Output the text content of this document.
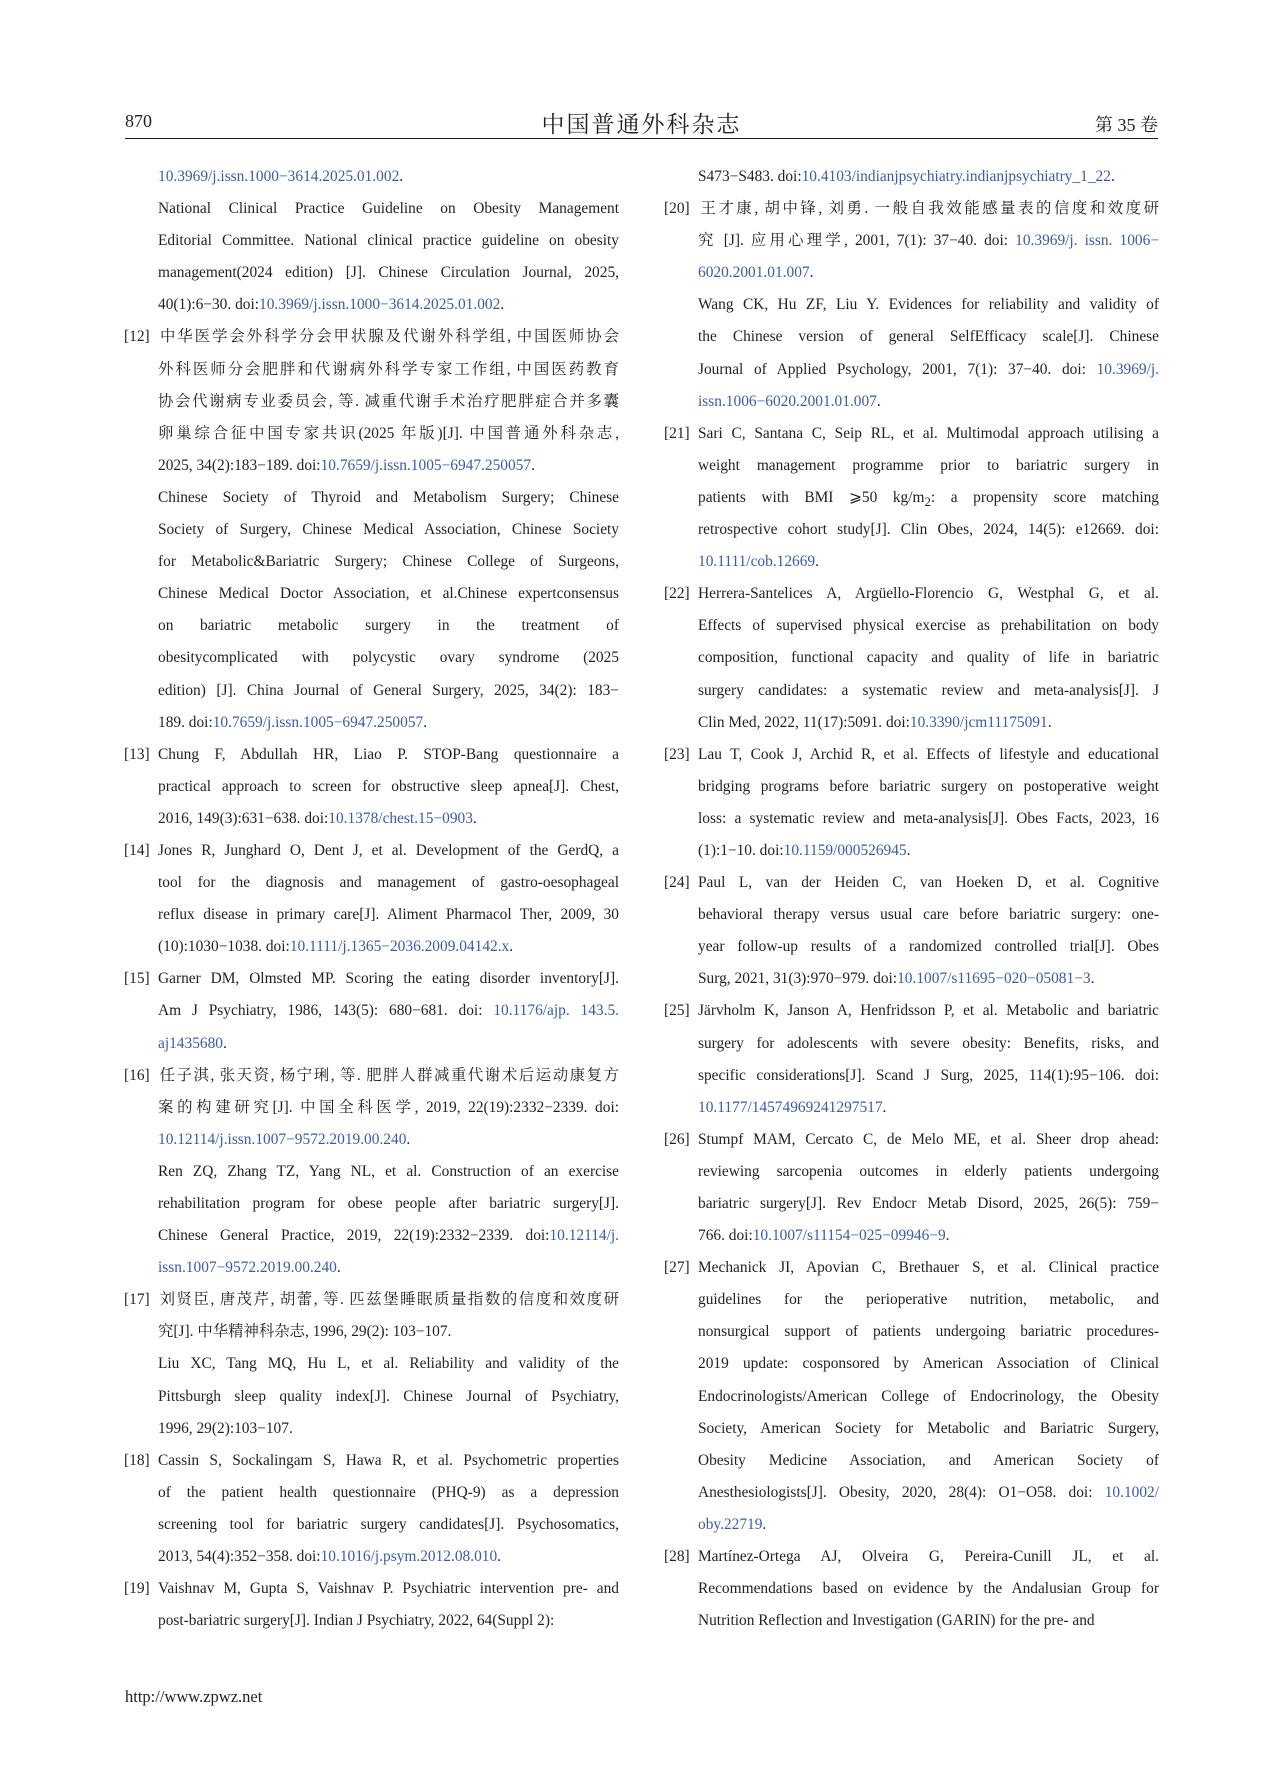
870	中国普通外科杂志	第 35 卷
10.3969/j.issn.1000−3614.2025.01.002.
National Clinical Practice Guideline on Obesity Management
Editorial Committee. National clinical practice guideline on obesity
management(2024 edition) [J]. Chinese Circulation Journal, 2025,
40(1):6−30. doi:10.3969/j.issn.1000−3614.2025.01.002.
[12] 中华医学会外科学分会甲状腺及代谢外科学组, 中国医师协会
外科医师分会肥胖和代谢病外科学专家工作组, 中国医药教育
协会代谢病专业委员会, 等. 减重代谢手术治疗肥胖症合并多囊
卵巢综合征中国专家共识(2025 年版)[J]. 中国普通外科杂志,
2025, 34(2):183−189. doi:10.7659/j.issn.1005−6947.250057.
Chinese Society of Thyroid and Metabolism Surgery; Chinese
Society of Surgery, Chinese Medical Association, Chinese Society
for Metabolic&Bariatric Surgery; Chinese College of Surgeons,
Chinese Medical Doctor Association, et al.Chinese expertconsensus
on bariatric metabolic surgery in the treatment of
obesitycomplicated with polycystic ovary syndrome (2025
edition) [J]. China Journal of General Surgery, 2025, 34(2): 183−
189. doi:10.7659/j.issn.1005−6947.250057.
[13] Chung F, Abdullah HR, Liao P. STOP-Bang questionnaire a
practical approach to screen for obstructive sleep apnea[J]. Chest,
2016, 149(3):631−638. doi:10.1378/chest.15−0903.
[14] Jones R, Junghard O, Dent J, et al. Development of the GerdQ, a
tool for the diagnosis and management of gastro-oesophageal
reflux disease in primary care[J]. Aliment Pharmacol Ther, 2009, 30
(10):1030−1038. doi:10.1111/j.1365−2036.2009.04142.x.
[15] Garner DM, Olmsted MP. Scoring the eating disorder inventory[J].
Am J Psychiatry, 1986, 143(5): 680−681. doi: 10.1176/ajp. 143.5.
aj1435680.
[16] 任子淇, 张天资, 杨宁琍, 等. 肥胖人群减重代谢术后运动康复方
案的构建研究[J]. 中国全科医学, 2019, 22(19):2332−2339. doi:
10.12114/j.issn.1007−9572.2019.00.240.
Ren ZQ, Zhang TZ, Yang NL, et al. Construction of an exercise
rehabilitation program for obese people after bariatric surgery[J].
Chinese General Practice, 2019, 22(19):2332−2339. doi:10.12114/j.
issn.1007−9572.2019.00.240.
[17] 刘贤臣, 唐茂芹, 胡蕾, 等. 匹兹堡睡眠质量指数的信度和效度研
究[J]. 中华精神科杂志, 1996, 29(2): 103−107.
Liu XC, Tang MQ, Hu L, et al. Reliability and validity of the
Pittsburgh sleep quality index[J]. Chinese Journal of Psychiatry,
1996, 29(2):103−107.
[18] Cassin S, Sockalingam S, Hawa R, et al. Psychometric properties
of the patient health questionnaire (PHQ-9) as a depression
screening tool for bariatric surgery candidates[J]. Psychosomatics,
2013, 54(4):352−358. doi:10.1016/j.psym.2012.08.010.
[19] Vaishnav M, Gupta S, Vaishnav P. Psychiatric intervention pre- and
post-bariatric surgery[J]. Indian J Psychiatry, 2022, 64(Suppl 2):
S473−S483. doi:10.4103/indianjpsychiatry.indianjpsychiatry_1_22.
[20] 王才康, 胡中锋, 刘勇. 一般自我效能感量表的信度和效度研
究 [J]. 应用心理学, 2001, 7(1): 37−40. doi: 10.3969/j. issn. 1006−
6020.2001.01.007.
Wang CK, Hu ZF, Liu Y. Evidences for reliability and validity of
the Chinese version of general SelfEfficacy scale[J]. Chinese
Journal of Applied Psychology, 2001, 7(1): 37−40. doi: 10.3969/j.
issn.1006−6020.2001.01.007.
[21] Sari C, Santana C, Seip RL, et al. Multimodal approach utilising a
weight management programme prior to bariatric surgery in
patients with BMI ⩾50 $kg/m_2$: a propensity score matching
retrospective cohort study[J]. Clin Obes, 2024, 14(5): e12669. doi:
10.1111/cob.12669.
[22] Herrera-Santelices A, Argüello-Florencio G, Westphal G, et al.
Effects of supervised physical exercise as prehabilitation on body
composition, functional capacity and quality of life in bariatric
surgery candidates: a systematic review and meta-analysis[J]. J
Clin Med, 2022, 11(17):5091. doi:10.3390/jcm11175091.
[23] Lau T, Cook J, Archid R, et al. Effects of lifestyle and educational
bridging programs before bariatric surgery on postoperative weight
loss: a systematic review and meta-analysis[J]. Obes Facts, 2023, 16
(1):1−10. doi:10.1159/000526945.
[24] Paul L, van der Heiden C, van Hoeken D, et al. Cognitive
behavioral therapy versus usual care before bariatric surgery: one-
year follow-up results of a randomized controlled trial[J]. Obes
Surg, 2021, 31(3):970−979. doi:10.1007/s11695−020−05081−3.
[25] Järvholm K, Janson A, Henfridsson P, et al. Metabolic and bariatric
surgery for adolescents with severe obesity: Benefits, risks, and
specific considerations[J]. Scand J Surg, 2025, 114(1):95−106. doi:
10.1177/14574969241297517.
[26] Stumpf MAM, Cercato C, de Melo ME, et al. Sheer drop ahead:
reviewing sarcopenia outcomes in elderly patients undergoing
bariatric surgery[J]. Rev Endocr Metab Disord, 2025, 26(5): 759−
766. doi:10.1007/s11154−025−09946−9.
[27] Mechanick JI, Apovian C, Brethauer S, et al. Clinical practice
guidelines for the perioperative nutrition, metabolic, and
nonsurgical support of patients undergoing bariatric procedures-
2019 update: cosponsored by American Association of Clinical
Endocrinologists/American College of Endocrinology, the Obesity
Society, American Society for Metabolic and Bariatric Surgery,
Obesity Medicine Association, and American Society of
Anesthesiologists[J]. Obesity, 2020, 28(4): O1−O58. doi: 10.1002/
oby.22719.
[28] Martínez-Ortega AJ, Olveira G, Pereira-Cunill JL, et al.
Recommendations based on evidence by the Andalusian Group for
Nutrition Reflection and Investigation (GARIN) for the pre- and
http://www.zpwz.net
